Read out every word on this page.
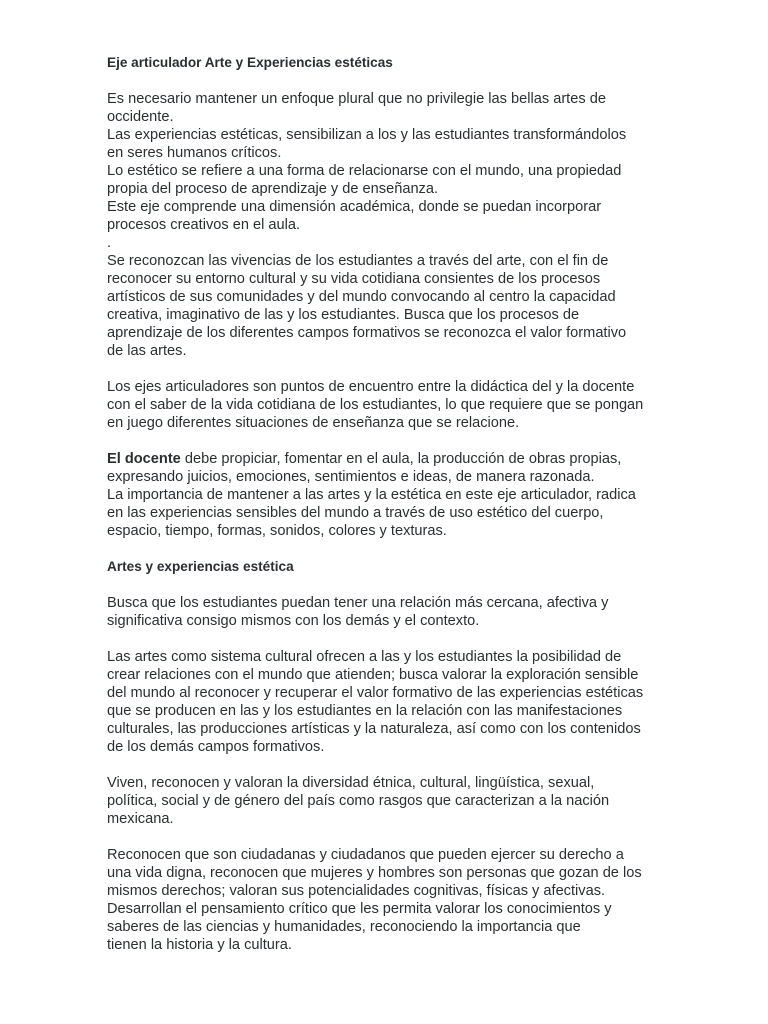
Eje articulador Arte y Experiencias estéticas
Es necesario mantener un enfoque plural que no privilegie las bellas artes de
occidente.
Las experiencias estéticas, sensibilizan a los y las estudiantes transformándolos
en seres humanos críticos.
Lo estético se refiere a una forma de relacionarse con el mundo, una propiedad
propia del proceso de aprendizaje y de enseñanza.
Este eje comprende una dimensión académica, donde se puedan incorporar
procesos creativos en el aula.
.
Se reconozcan las vivencias de los estudiantes a través del arte, con el fin de
reconocer su entorno cultural y su vida cotidiana consientes de los procesos
artísticos de sus comunidades y del mundo convocando al centro la capacidad
creativa, imaginativo de las y los estudiantes. Busca que los procesos de
aprendizaje de los diferentes campos formativos se reconozca el valor formativo
de las artes.
Los ejes articuladores son puntos de encuentro entre la didáctica del y la docente
con el saber de la vida cotidiana de los estudiantes, lo que requiere que se pongan
en juego diferentes situaciones de enseñanza que se relacione.
El docente debe propiciar, fomentar en el aula, la producción de obras propias,
expresando juicios, emociones, sentimientos e ideas, de manera razonada.
La importancia de mantener a las artes y la estética en este eje articulador, radica
en las experiencias sensibles del mundo a través de uso estético del cuerpo,
espacio, tiempo, formas, sonidos, colores y texturas.
Artes y experiencias estética
Busca que los estudiantes puedan tener una relación más cercana, afectiva y
significativa consigo mismos con los demás y el contexto.
Las artes como sistema cultural ofrecen a las y los estudiantes la posibilidad de
crear relaciones con el mundo que atienden; busca valorar la exploración sensible
del mundo al reconocer y recuperar el valor formativo de las experiencias estéticas
que se producen en las y los estudiantes en la relación con las manifestaciones
culturales, las producciones artísticas y la naturaleza, así como con los contenidos
de los demás campos formativos.
Viven, reconocen y valoran la diversidad étnica, cultural, lingüística, sexual,
política, social y de género del país como rasgos que caracterizan a la nación
mexicana.
Reconocen que son ciudadanas y ciudadanos que pueden ejercer su derecho a
una vida digna, reconocen que mujeres y hombres son personas que gozan de los
mismos derechos; valoran sus potencialidades cognitivas, físicas y afectivas.
Desarrollan el pensamiento crítico que les permita valorar los conocimientos y
saberes de las ciencias y humanidades, reconociendo la importancia que
tienen la historia y la cultura.
